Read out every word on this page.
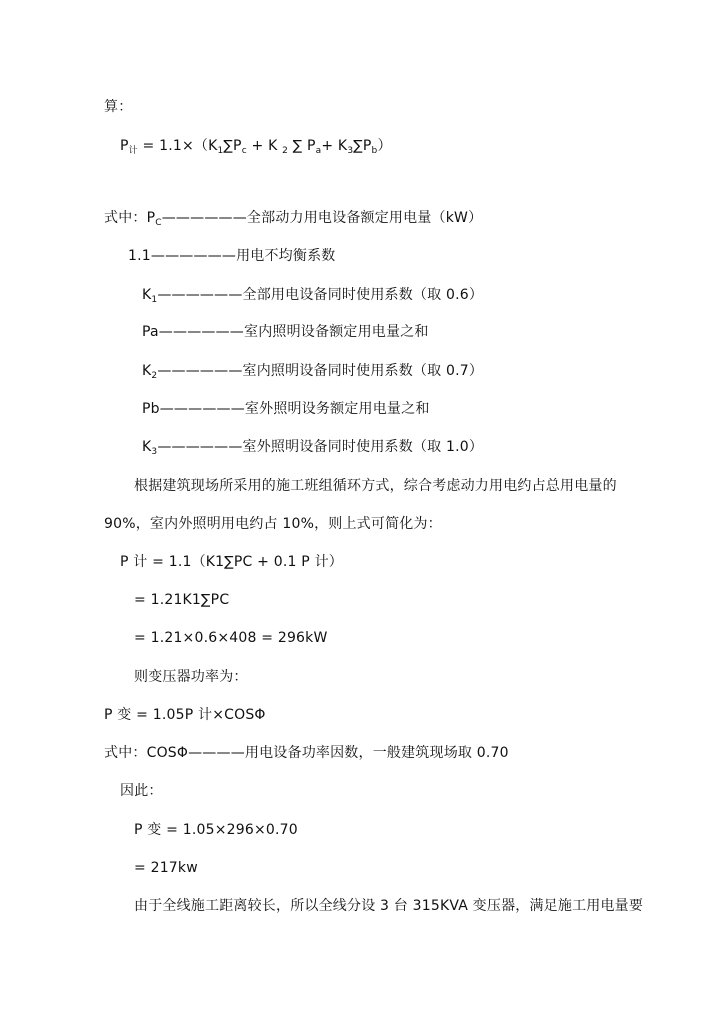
算：
$P_计 = 1.1\times(K_1\sum P_c + K$ $_2$ ∑ $P_a+ K_3\sum P_b$）
式中：$P_C——————$全部动力用电设备额定用电量（kW）
1.1——————用电不均衡系数
$K_1——————$全部用电设备同时使用系数（取 0.6）
Pa——————室内照明设备额定用电量之和
$K_2——————$室内照明设备同时使用系数（取 0.7）
Pb——————室外照明设务额定用电量之和
$K_3——————$室外照明设备同时使用系数（取 1.0）
根据建筑现场所采用的施工班组循环方式，综合考虑动力用电约占总用电量的
90%，室内外照明用电约占 10%，则上式可简化为：
P 计 = 1.1（K1∑PC + 0.1 P 计）
= 1.21K1∑PC
= 1.21×0.6×408 = 296kW
则变压器功率为：
P 变 = 1.05P 计×COSΦ
式中：COSΦ————用电设备功率因数，一般建筑现场取 0.70
因此：
P 变 = 1.05×296×0.70
= 217kw
由于全线施工距离较长，所以全线分设 3 台 315KVA 变压器，满足施工用电量要
